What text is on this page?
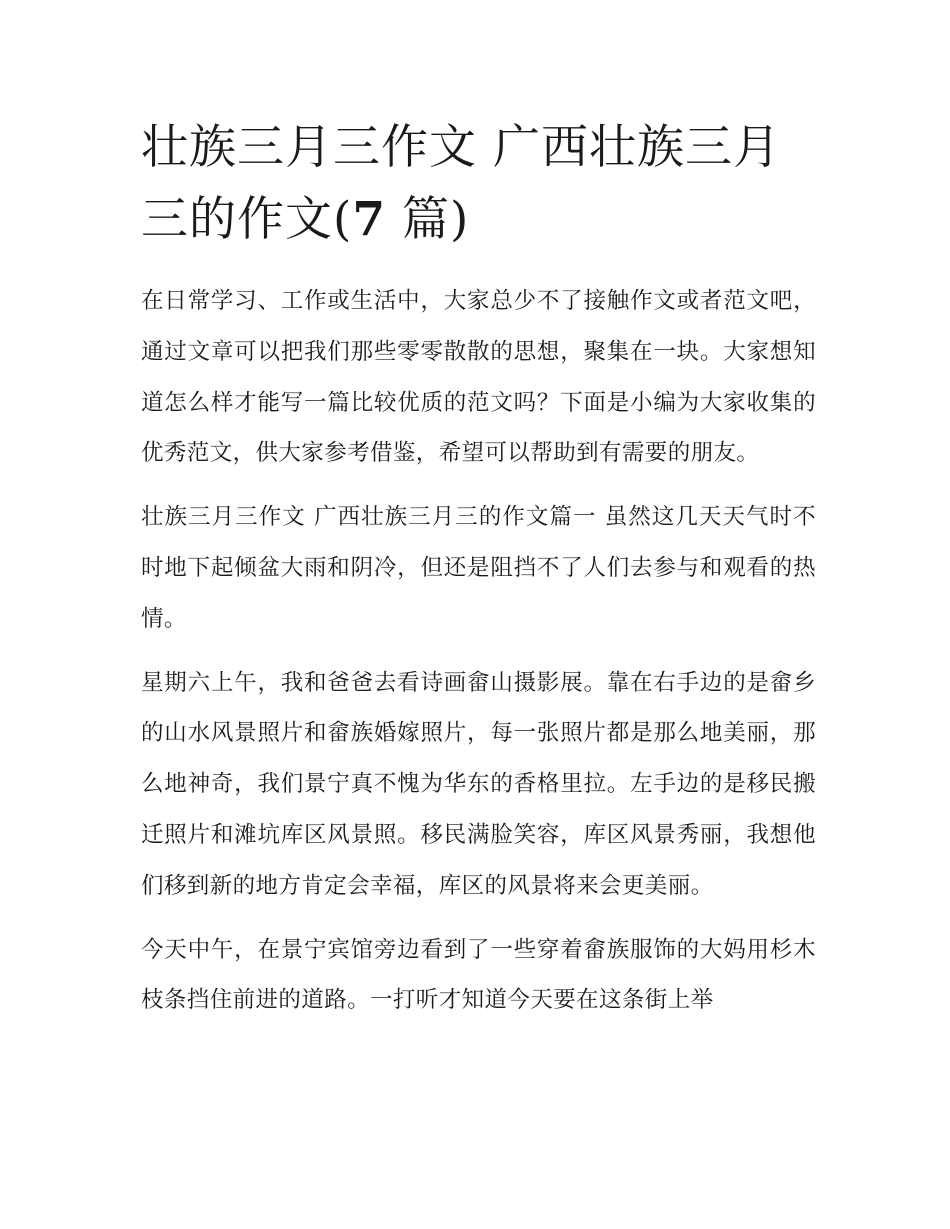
壮族三月三作文 广西壮族三月三的作文(7 篇)

在日常学习、工作或生活中，大家总少不了接触作文或者范文吧，通过文章可以把我们那些零零散散的思想，聚集在一块。大家想知道怎么样才能写一篇比较优质的范文吗？下面是小编为大家收集的优秀范文，供大家参考借鉴，希望可以帮助到有需要的朋友。

壮族三月三作文 广西壮族三月三的作文篇一 虽然这几天天气时不时地下起倾盆大雨和阴冷，但还是阻挡不了人们去参与和观看的热情。

星期六上午，我和爸爸去看诗画畲山摄影展。靠在右手边的是畲乡的山水风景照片和畲族婚嫁照片，每一张照片都是那么地美丽，那么地神奇，我们景宁真不愧为华东的香格里拉。左手边的是移民搬迁照片和滩坑库区风景照。移民满脸笑容，库区风景秀丽，我想他们移到新的地方肯定会幸福，库区的风景将来会更美丽。

今天中午，在景宁宾馆旁边看到了一些穿着畲族服饰的大妈用杉木枝条挡住前进的道路。一打听才知道今天要在这条街上举
